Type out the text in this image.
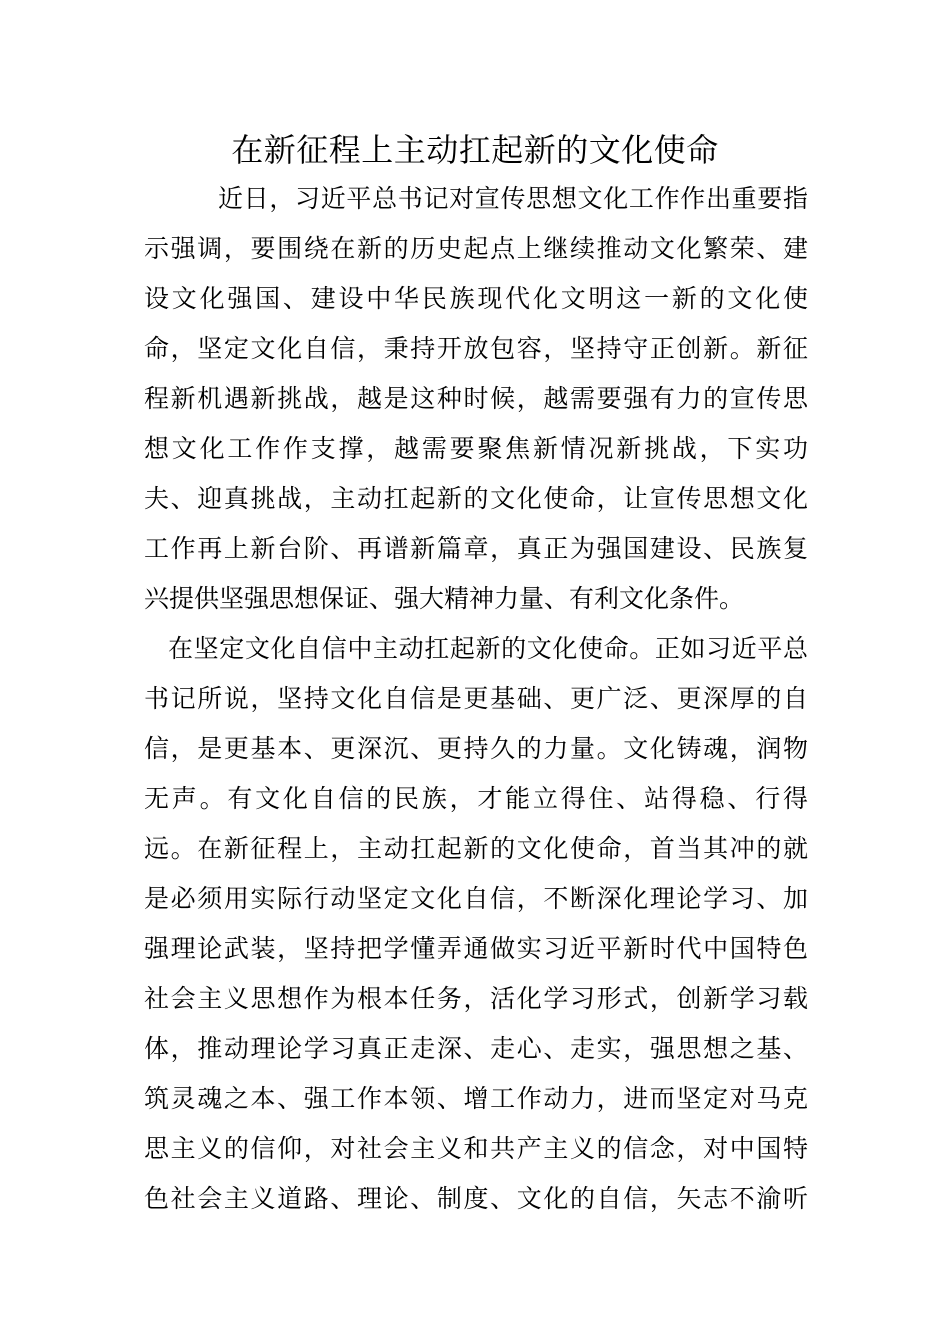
在新征程上主动扛起新的文化使命

近日，习近平总书记对宣传思想文化工作作出重要指

示强调，要围绕在新的历史起点上继续推动文化繁荣、建

设文化强国、建设中华民族现代化文明这一新的文化使

命，坚定文化自信，秉持开放包容，坚持守正创新。新征

程新机遇新挑战，越是这种时候，越需要强有力的宣传思

想文化工作作支撑，越需要聚焦新情况新挑战，下实功

夫、迎真挑战，主动扛起新的文化使命，让宣传思想文化

工作再上新台阶、再谱新篇章，真正为强国建设、民族复

兴提供坚强思想保证、强大精神力量、有利文化条件。

在坚定文化自信中主动扛起新的文化使命。正如习近平总

书记所说，坚持文化自信是更基础、更广泛、更深厚的自

信，是更基本、更深沉、更持久的力量。文化铸魂，润物

无声。有文化自信的民族，才能立得住、站得稳、行得

远。在新征程上，主动扛起新的文化使命，首当其冲的就

是必须用实际行动坚定文化自信，不断深化理论学习、加

强理论武装，坚持把学懂弄通做实习近平新时代中国特色

社会主义思想作为根本任务，活化学习形式，创新学习载

体，推动理论学习真正走深、走心、走实，强思想之基、

筑灵魂之本、强工作本领、增工作动力，进而坚定对马克

思主义的信仰，对社会主义和共产主义的信念，对中国特

色社会主义道路、理论、制度、文化的自信，矢志不渝听
